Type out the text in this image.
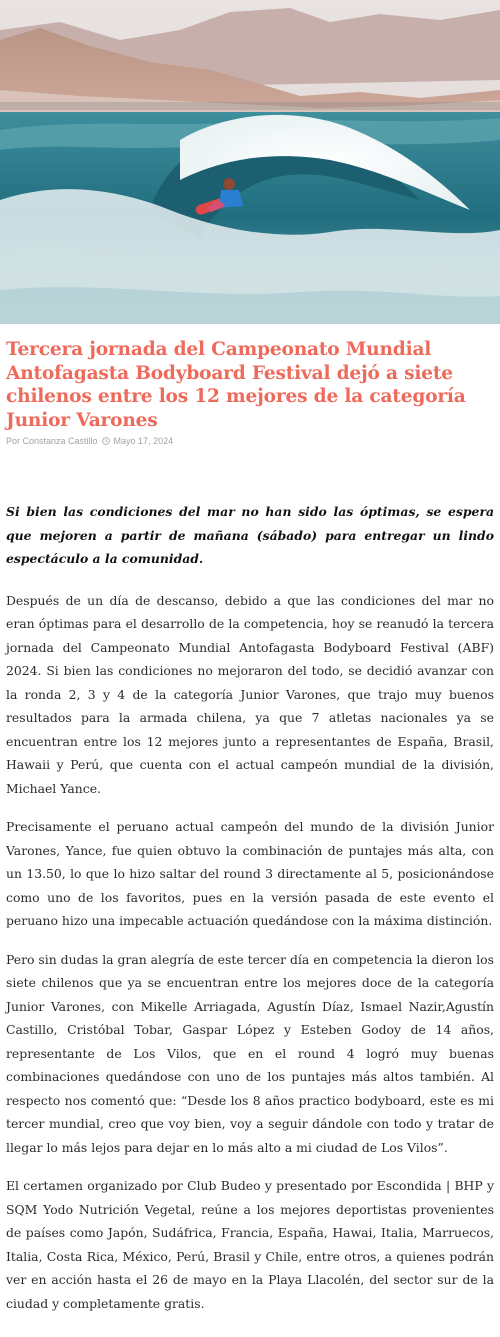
Tercera jornada del Campeonato Mundial Antofagasta Bodyboard Festival dejó a siete chilenos entre los 12 mejores de la categoría Junior Varones
Por Constanza Castillo Mayo 17, 2024

Si bien las condiciones del mar no han sido las óptimas, se espera que mejoren a partir de mañana (sábado) para entregar un lindo espectáculo a la comunidad.

Después de un día de descanso, debido a que las condiciones del mar no eran óptimas para el desarrollo de la competencia, hoy se reanudó la tercera jornada del Campeonato Mundial Antofagasta Bodyboard Festival (ABF) 2024. Si bien las condiciones no mejoraron del todo, se decidió avanzar con la ronda 2, 3 y 4 de la categoría Junior Varones, que trajo muy buenos resultados para la armada chilena, ya que 7 atletas nacionales ya se encuentran entre los 12 mejores junto a representantes de España, Brasil, Hawaii y Perú, que cuenta con el actual campeón mundial de la división, Michael Yance.

Precisamente el peruano actual campeón del mundo de la división Junior Varones, Yance, fue quien obtuvo la combinación de puntajes más alta, con un 13.50, lo que lo hizo saltar del round 3 directamente al 5, posicionándose como uno de los favoritos, pues en la versión pasada de este evento el peruano hizo una impecable actuación quedándose con la máxima distinción.

Pero sin dudas la gran alegría de este tercer día en competencia la dieron los siete chilenos que ya se encuentran entre los mejores doce de la categoría Junior Varones, con Mikelle Arriagada, Agustín Díaz, Ismael Nazir,Agustín Castillo, Cristóbal Tobar, Gaspar López y Esteben Godoy de 14 años, representante de Los Vilos, que en el round 4 logró muy buenas combinaciones quedándose con uno de los puntajes más altos también. Al respecto nos comentó que: “Desde los 8 años practico bodyboard, este es mi tercer mundial, creo que voy bien, voy a seguir dándole con todo y tratar de llegar lo más lejos para dejar en lo más alto a mi ciudad de Los Vilos”.

El certamen organizado por Club Budeo y presentado por Escondida | BHP y SQM Yodo Nutrición Vegetal, reúne a los mejores deportistas provenientes de países como Japón, Sudáfrica, Francia, España, Hawai, Italia, Marruecos, Italia, Costa Rica, México, Perú, Brasil y Chile, entre otros, a quienes podrán ver en acción hasta el 26 de mayo en la Playa Llacolén, del sector sur de la ciudad y completamente gratis.
